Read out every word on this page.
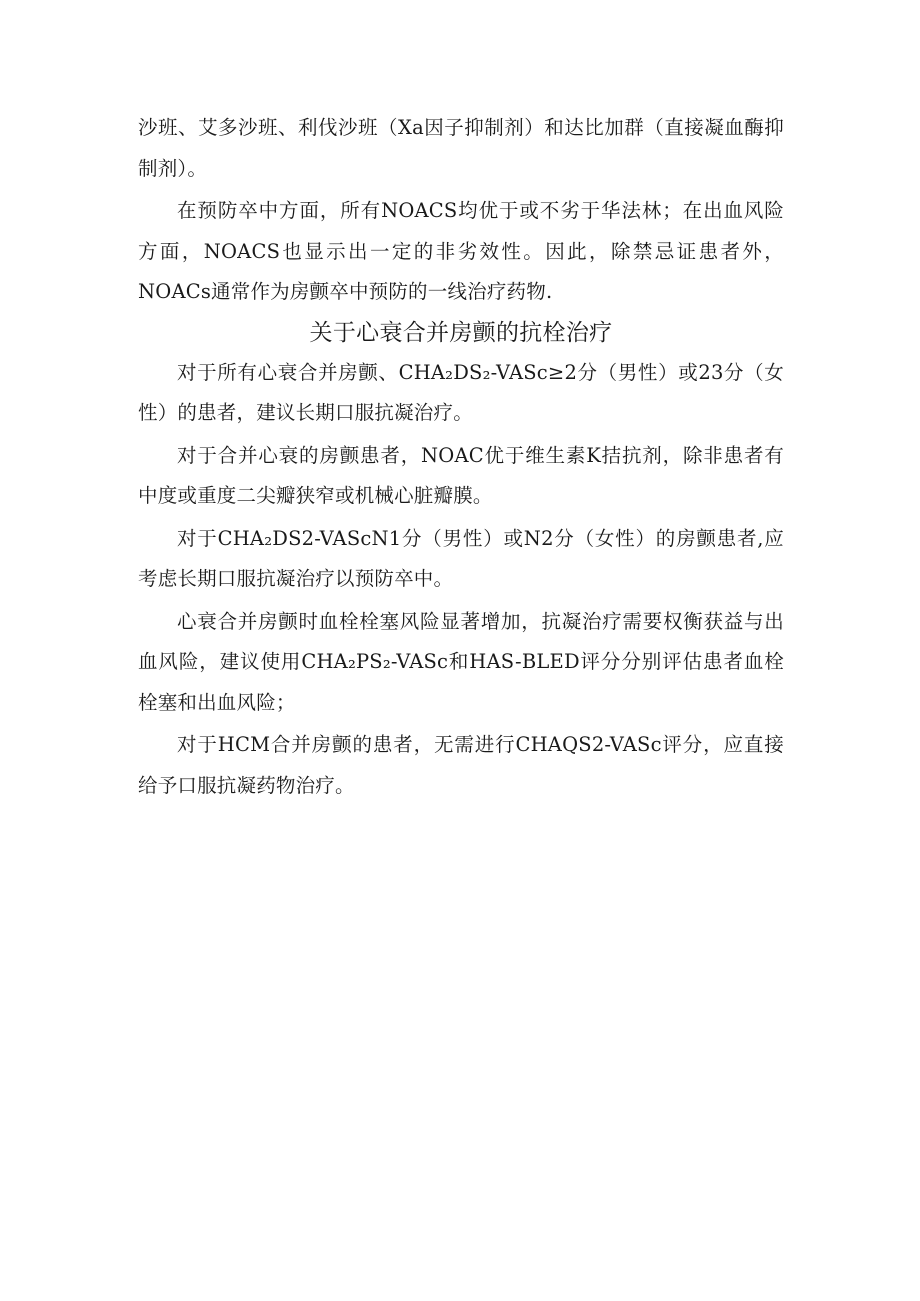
沙班、艾多沙班、利伐沙班（Xa因子抑制剂）和达比加群（直接凝血酶抑制剂）。

在预防卒中方面，所有NOACS均优于或不劣于华法林；在出血风险方面，NOACS也显示出一定的非劣效性。因此，除禁忌证患者外，NOACs通常作为房颤卒中预防的一线治疗药物.

关于心衰合并房颤的抗栓治疗

对于所有心衰合并房颤、CHA₂DS₂-VASc≥2分（男性）或23分（女性）的患者，建议长期口服抗凝治疗。

对于合并心衰的房颤患者，NOAC优于维生素K拮抗剂，除非患者有中度或重度二尖瓣狭窄或机械心脏瓣膜。

对于CHA₂DS2-VAScN1分（男性）或N2分（女性）的房颤患者,应考虑长期口服抗凝治疗以预防卒中。

心衰合并房颤时血栓栓塞风险显著增加，抗凝治疗需要权衡获益与出血风险，建议使用CHA₂PS₂-VASc和HAS-BLED评分分别评估患者血栓栓塞和出血风险；

对于HCM合并房颤的患者，无需进行CHAQS2-VASc评分，应直接给予口服抗凝药物治疗。
